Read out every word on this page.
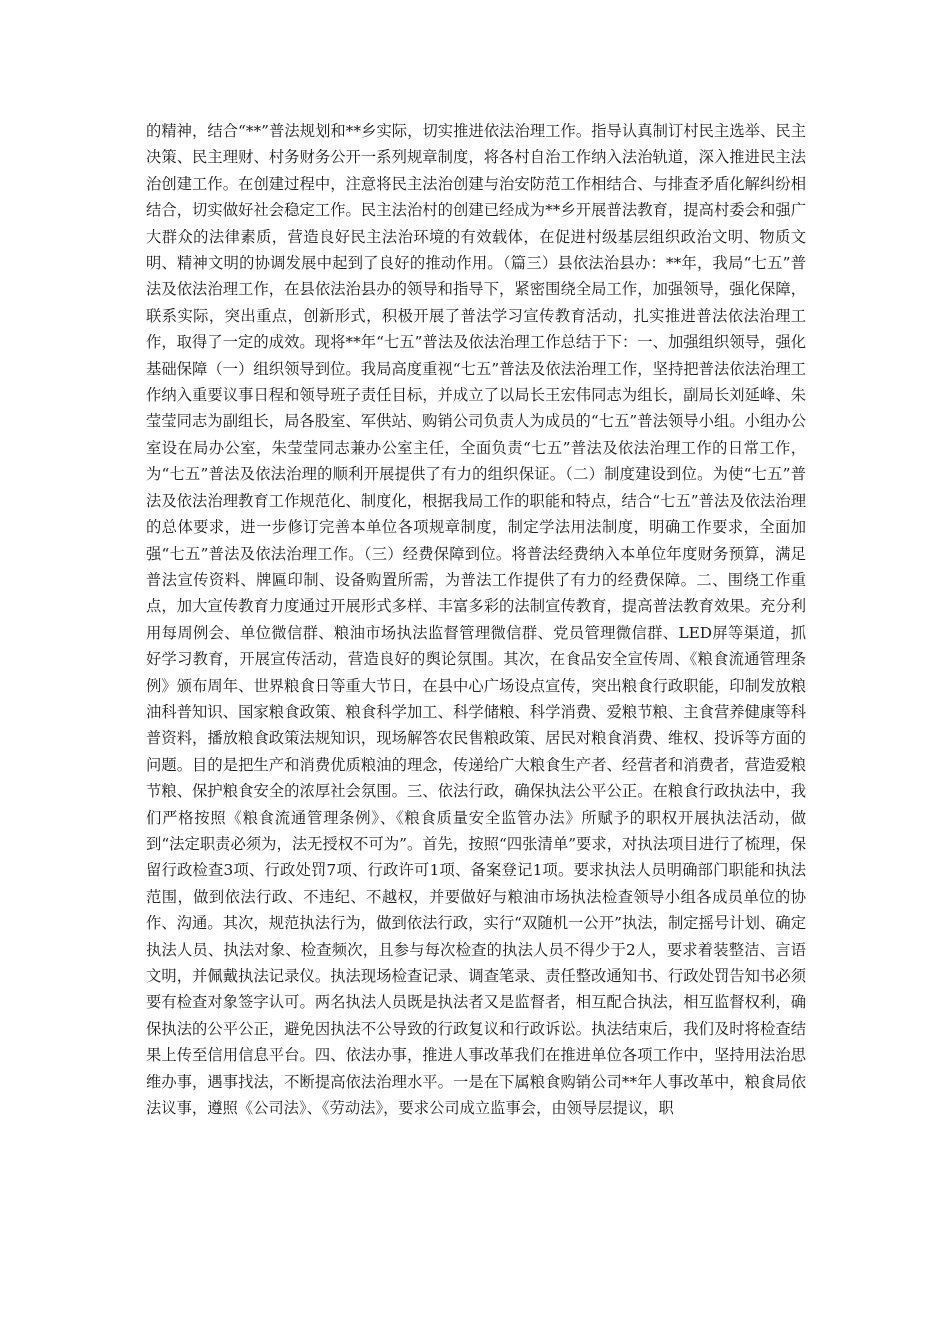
的精神，结合“**”普法规划和**乡实际，切实推进依法治理工作。指导认真制订村民主选举、民主决策、民主理财、村务财务公开一系列规章制度，将各村自治工作纳入法治轨道，深入推进民主法治创建工作。在创建过程中，注意将民主法治创建与治安防范工作相结合、与排查矛盾化解纠纷相结合，切实做好社会稳定工作。民主法治村的创建已经成为**乡开展普法教育，提高村委会和强广大群众的法律素质，营造良好民主法治环境的有效载体，在促进村级基层组织政治文明、物质文明、精神文明的协调发展中起到了良好的推动作用。（篇三）县依法治县办：**年，我局“七五”普法及依法治理工作，在县依法治县办的领导和指导下，紧密围绕全局工作，加强领导，强化保障，联系实际，突出重点，创新形式，积极开展了普法学习宣传教育活动，扎实推进普法依法治理工作，取得了一定的成效。现将**年“七五”普法及依法治理工作总结于下：一、加强组织领导，强化基础保障（一）组织领导到位。我局高度重视“七五”普法及依法治理工作，坚持把普法依法治理工作纳入重要议事日程和领导班子责任目标，并成立了以局长王宏伟同志为组长，副局长刘延峰、朱莹莹同志为副组长，局各股室、军供站、购销公司负责人为成员的“七五”普法领导小组。小组办公室设在局办公室，朱莹莹同志兼办公室主任，全面负责“七五”普法及依法治理工作的日常工作，为“七五”普法及依法治理的顺利开展提供了有力的组织保证。（二）制度建设到位。为使“七五”普法及依法治理教育工作规范化、制度化，根据我局工作的职能和特点，结合“七五”普法及依法治理的总体要求，进一步修订完善本单位各项规章制度，制定学法用法制度，明确工作要求，全面加强“七五”普法及依法治理工作。（三）经费保障到位。将普法经费纳入本单位年度财务预算，满足普法宣传资料、牌匾印制、设备购置所需，为普法工作提供了有力的经费保障。二、围绕工作重点，加大宣传教育力度通过开展形式多样、丰富多彩的法制宣传教育，提高普法教育效果。充分利用每周例会、单位微信群、粮油市场执法监督管理微信群、党员管理微信群、LED屏等渠道，抓好学习教育，开展宣传活动，营造良好的舆论氛围。其次，在食品安全宣传周、《粮食流通管理条例》颁布周年、世界粮食日等重大节日，在县中心广场设点宣传，突出粮食行政职能，印制发放粮油科普知识、国家粮食政策、粮食科学加工、科学储粮、科学消费、爱粮节粮、主食营养健康等科普资料，播放粮食政策法规知识，现场解答农民售粮政策、居民对粮食消费、维权、投诉等方面的问题。目的是把生产和消费优质粮油的理念，传递给广大粮食生产者、经营者和消费者，营造爱粮节粮、保护粮食安全的浓厚社会氛围。三、依法行政，确保执法公平公正。在粮食行政执法中，我们严格按照《粮食流通管理条例》、《粮食质量安全监管办法》所赋予的职权开展执法活动，做到“法定职责必须为，法无授权不可为”。首先，按照“四张清单”要求，对执法项目进行了梳理，保留行政检查3项、行政处罚7项、行政许可1项、备案登记1项。要求执法人员明确部门职能和执法范围，做到依法行政、不违纪、不越权，并要做好与粮油市场执法检查领导小组各成员单位的协作、沟通。其次，规范执法行为，做到依法行政，实行“双随机一公开”执法，制定摇号计划、确定执法人员、执法对象、检查频次，且参与每次检查的执法人员不得少于2人，要求着装整洁、言语文明，并佩戴执法记录仪。执法现场检查记录、调查笔录、责任整改通知书、行政处罚告知书必须要有检查对象签字认可。两名执法人员既是执法者又是监督者，相互配合执法，相互监督权利，确保执法的公平公正，避免因执法不公导致的行政复议和行政诉讼。执法结束后，我们及时将检查结果上传至信用信息平台。四、依法办事，推进人事改革我们在推进单位各项工作中，坚持用法治思维办事，遇事找法，不断提高依法治理水平。一是在下属粮食购销公司**年人事改革中，粮食局依法议事，遵照《公司法》、《劳动法》，要求公司成立监事会，由领导层提议，职
